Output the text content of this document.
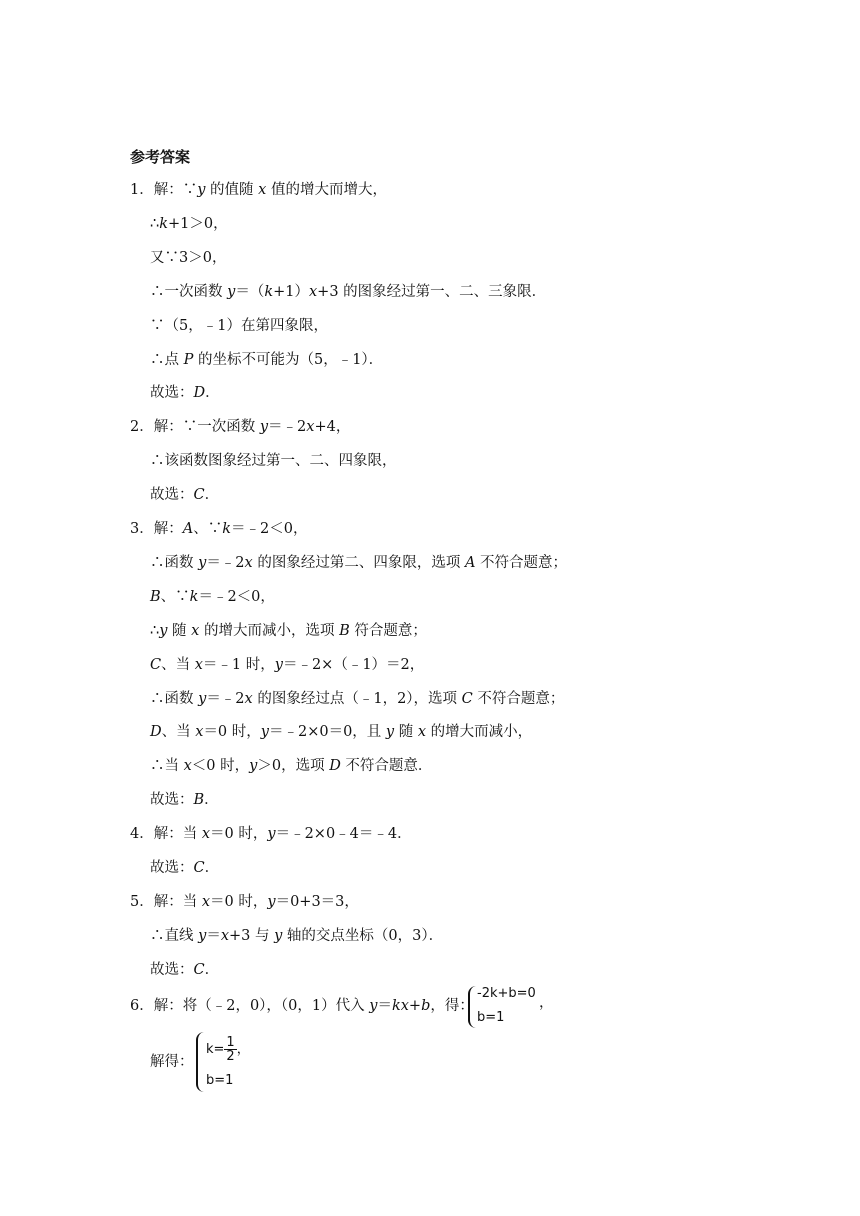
参考答案
1．解：∵y 的值随 x 值的增大而增大，
∴k+1＞0，
又∵3＞0，
∴一次函数 y＝（k+1）x+3 的图象经过第一、二、三象限．
∵（5，﹣1）在第四象限，
∴点 P 的坐标不可能为（5，﹣1）．
故选：D．
2．解：∵一次函数 y＝﹣2x+4，
∴该函数图象经过第一、二、四象限，
故选：C．
3．解：A、∵k＝﹣2＜0，
∴函数 y＝﹣2x 的图象经过第二、四象限，选项 A 不符合题意；
B、∵k＝﹣2＜0，
∴y 随 x 的增大而减小，选项 B 符合题意；
C、当 x＝﹣1 时，y＝﹣2×（﹣1）＝2，
∴函数 y＝﹣2x 的图象经过点（﹣1，2），选项 C 不符合题意；
D、当 x＝0 时，y＝﹣2×0＝0，且 y 随 x 的增大而减小，
∴当 x＜0 时，y＞0，选项 D 不符合题意．
故选：B．
4．解：当 x＝0 时，y＝﹣2×0﹣4＝﹣4．
故选：C．
5．解：当 x＝0 时，y＝0+3＝3，
∴直线 y＝x+3 与 y 轴的交点坐标（0，3）．
故选：C．
6．解：将（﹣2，0），（0，1）代入 y＝kx+b，得：
解得：
-2k+b=0
b=1
，
$k= \frac{1}{2}$ ，
b=1
